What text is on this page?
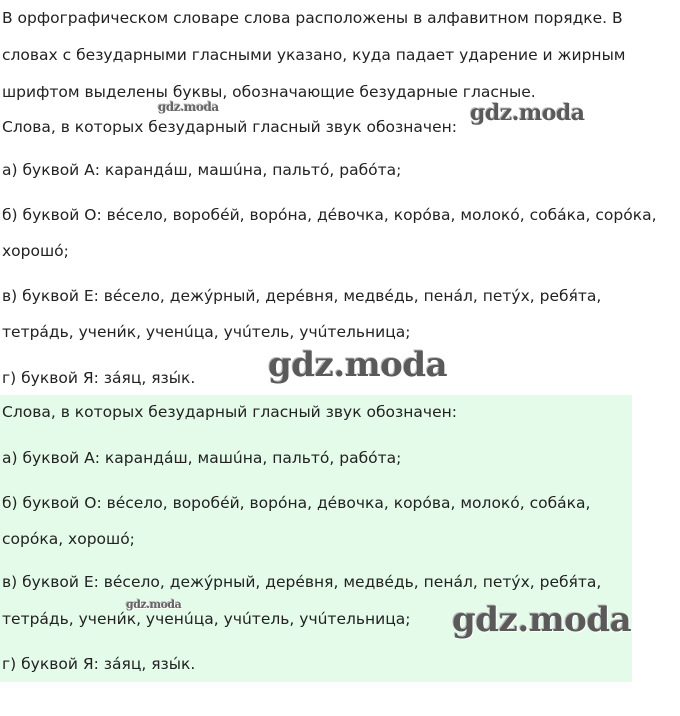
В орфографическом словаре слова расположены в алфавитном порядке. В словах с безударными гласными указано, куда падает ударение и жирным шрифтом выделены буквы, обозначающие безударные гласные.
Слова, в которых безударный гласный звук обозначен:
а) буквой А: карандáш, машúна, пальтó, рабóта;
б) буквой О: вéсело, воробéй, ворóна, дéвочка, корóва, молокó, собáка, сорóка,
хорошó;
в) буквой Е: вéсело, дежýрный, дерéвня, медвéдь, пенáл, петýх, ребя́та,
тетрáдь, учени́к, ученúца, учúтель, учúтельница;
г) буквой Я: зáяц, язы́к.
Слова, в которых безударный гласный звук обозначен:
а) буквой А: карандáш, машúна, пальтó, рабóта;
б) буквой О: вéсело, воробéй, ворóна, дéвочка, корóва, молокó, собáка,
сорóка, хорошó;
в) буквой Е: вéсело, дежýрный, дерéвня, медвéдь, пенáл, петýх, ребя́та,
тетрáдь, учени́к, ученúца, учúтель, учúтельница;
г) буквой Я: зáяц, язы́к.
gdz.moda	gdz.moda
gdz.moda
gdz.moda	gdz.moda
